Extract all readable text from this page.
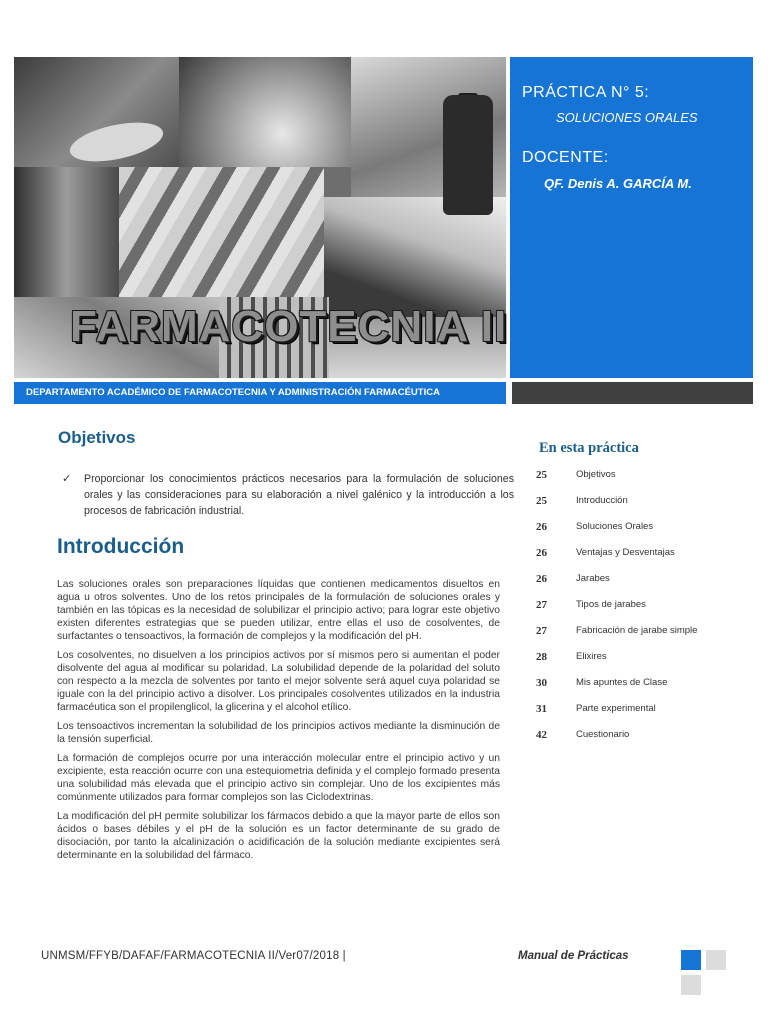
FARMACOTECNIA II
PRÁCTICA N° 5:
SOLUCIONES ORALES
DOCENTE:
QF. Denis A. GARCÍA M.
DEPARTAMENTO ACADÉMICO DE FARMACOTECNIA Y ADMINISTRACIÓN FARMACÉUTICA
Objetivos
✓ Proporcionar los conocimientos prácticos necesarios para la formulación de soluciones orales y las consideraciones para su elaboración a nivel galénico y la introducción a los procesos de fabricación industrial.
Introducción

Las soluciones orales son preparaciones líquidas que contienen medicamentos disueltos en agua u otros solventes. Uno de los retos principales de la formulación de soluciones orales y también en las tópicas es la necesidad de solubilizar el principio activo; para lograr este objetivo existen diferentes estrategias que se pueden utilizar, entre ellas el uso de cosolventes, de surfactantes o tensoactivos, la formación de complejos y la modificación del pH.

Los cosolventes, no disuelven a los principios activos por sí mismos pero si aumentan el poder disolvente del agua al modificar su polaridad. La solubilidad depende de la polaridad del soluto con respecto a la mezcla de solventes por tanto el mejor solvente será aquel cuya polaridad se iguale con la del principio activo a disolver. Los principales cosolventes utilizados en la industria farmacéutica son el propilenglicol, la glicerina y el alcohol etílico.

Los tensoactivos incrementan la solubilidad de los principios activos mediante la disminución de la tensión superficial.

La formación de complejos ocurre por una interacción molecular entre el principio activo y un excipiente, esta reacción ocurre con una estequiometria definida y el complejo formado presenta una solubilidad más elevada que el principio activo sin complejar. Uno de los excipientes más comúnmente utilizados para formar complejos son las Ciclodextrinas.

La modificación del pH permite solubilizar los fármacos debido a que la mayor parte de ellos son ácidos o bases débiles y el pH de la solución es un factor determinante de su grado de disociación, por tanto la alcalinización o acidificación de la solución mediante excipientes será determinante en la solubilidad del fármaco.

En esta práctica
25	Objetivos
25	Introducción
26	Soluciones Orales
26	Ventajas y Desventajas
26	Jarabes
27	Tipos de jarabes
27	Fabricación de jarabe simple
28	Elixires
30	Mis apuntes de Clase
31	Parte experimental
42	Cuestionario
UNMSM/FFYB/DAFAF/FARMACOTECNIA II/Ver07/2018 |	Manual de Prácticas
